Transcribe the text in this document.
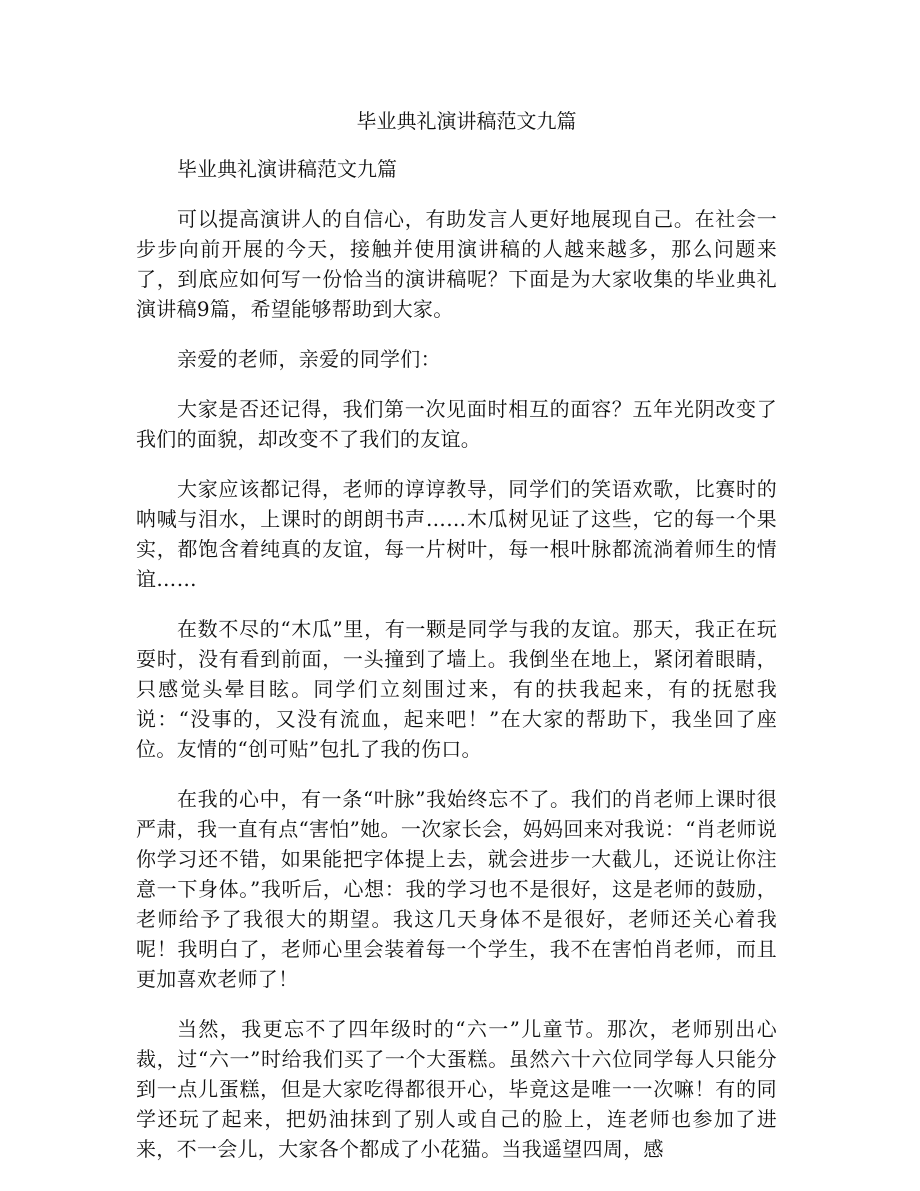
毕业典礼演讲稿范文九篇

毕业典礼演讲稿范文九篇

可以提高演讲人的自信心，有助发言人更好地展现自己。在社会一步步向前开展的今天，接触并使用演讲稿的人越来越多，那么问题来了，到底应如何写一份恰当的演讲稿呢？下面是为大家收集的毕业典礼演讲稿9篇，希望能够帮助到大家。

亲爱的老师，亲爱的同学们：

大家是否还记得，我们第一次见面时相互的面容？五年光阴改变了我们的面貌，却改变不了我们的友谊。

大家应该都记得，老师的谆谆教导，同学们的笑语欢歌，比赛时的呐喊与泪水，上课时的朗朗书声……木瓜树见证了这些，它的每一个果实，都饱含着纯真的友谊，每一片树叶，每一根叶脉都流淌着师生的情谊……

在数不尽的“木瓜”里，有一颗是同学与我的友谊。那天，我正在玩耍时，没有看到前面，一头撞到了墙上。我倒坐在地上，紧闭着眼睛，只感觉头晕目眩。同学们立刻围过来，有的扶我起来，有的抚慰我说：“没事的，又没有流血，起来吧！”在大家的帮助下，我坐回了座位。友情的“创可贴”包扎了我的伤口。

在我的心中，有一条“叶脉”我始终忘不了。我们的肖老师上课时很严肃，我一直有点“害怕”她。一次家长会，妈妈回来对我说：“肖老师说你学习还不错，如果能把字体提上去，就会进步一大截儿，还说让你注意一下身体。”我听后，心想：我的学习也不是很好，这是老师的鼓励，老师给予了我很大的期望。我这几天身体不是很好，老师还关心着我呢！我明白了，老师心里会装着每一个学生，我不在害怕肖老师，而且更加喜欢老师了！

当然，我更忘不了四年级时的“六一”儿童节。那次，老师别出心裁，过“六一”时给我们买了一个大蛋糕。虽然六十六位同学每人只能分到一点儿蛋糕，但是大家吃得都很开心，毕竟这是唯一一次嘛！有的同学还玩了起来，把奶油抹到了别人或自己的脸上，连老师也参加了进来，不一会儿，大家各个都成了小花猫。当我遥望四周，感
